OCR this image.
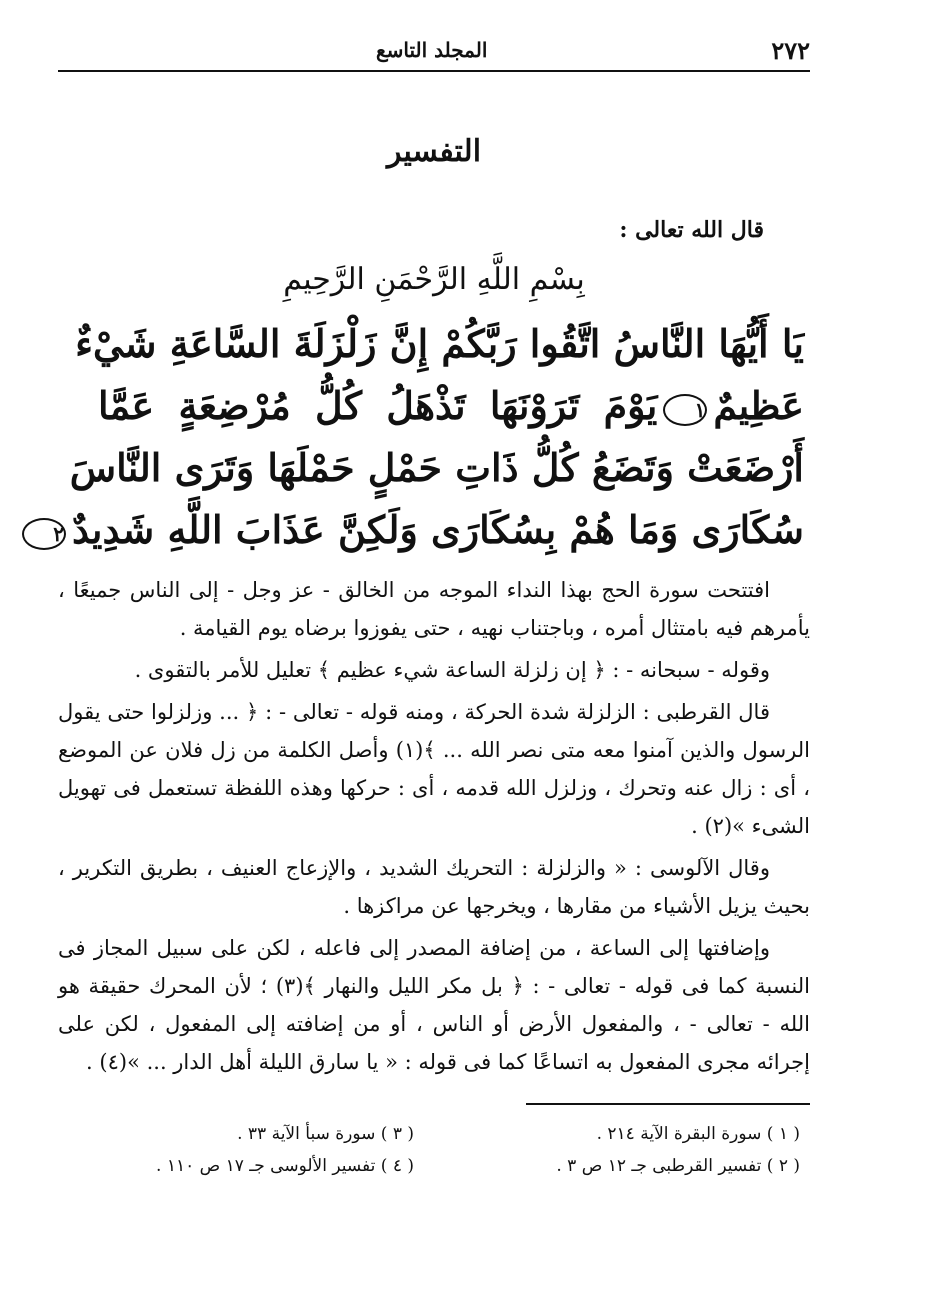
٢٧٢
المجلد التاسع
التفسير
قال الله تعالى :
بِسْمِ اللَّهِ الرَّحْمَنِ الرَّحِيمِ
يَا أَيُّهَا النَّاسُ اتَّقُوا رَبَّكُمْ إِنَّ زَلْزَلَةَ السَّاعَةِ شَيْءٌ
عَظِيمٌ١يَوْمَ تَرَوْنَهَا تَذْهَلُ كُلُّ مُرْضِعَةٍ عَمَّا
أَرْضَعَتْ وَتَضَعُ كُلُّ ذَاتِ حَمْلٍ حَمْلَهَا وَتَرَى النَّاسَ
سُكَارَى وَمَا هُمْ بِسُكَارَى وَلَكِنَّ عَذَابَ اللَّهِ شَدِيدٌ٢

افتتحت سورة الحج بهذا النداء الموجه من الخالق - عز وجل - إلى الناس جميعًا ، يأمرهم فيه بامتثال أمره ، وباجتناب نهيه ، حتى يفوزوا برضاه يوم القيامة .

وقوله - سبحانه - : ﴿ إن زلزلة الساعة شيء عظيم ﴾ تعليل للأمر بالتقوى .

قال القرطبى : الزلزلة شدة الحركة ، ومنه قوله - تعالى - : ﴿ ... وزلزلوا حتى يقول الرسول والذين آمنوا معه متى نصر الله ... ﴾(١) وأصل الكلمة من زل فلان عن الموضع ، أى : زال عنه وتحرك ، وزلزل الله قدمه ، أى : حركها وهذه اللفظة تستعمل فى تهويل الشىء »(٢) .

وقال الآلوسى : « والزلزلة : التحريك الشديد ، والإزعاج العنيف ، بطريق التكرير ، بحيث يزيل الأشياء من مقارها ، ويخرجها عن مراكزها .

وإضافتها إلى الساعة ، من إضافة المصدر إلى فاعله ، لكن على سبيل المجاز فى النسبة كما فى قوله - تعالى - : ﴿ بل مكر الليل والنهار ﴾(٣) ؛ لأن المحرك حقيقة هو الله - تعالى - ، والمفعول الأرض أو الناس ، أو من إضافته إلى المفعول ، لكن على إجرائه مجرى المفعول به اتساعًا كما فى قوله : « يا سارق الليلة أهل الدار ... »(٤) .

( ١ ) سورة البقرة الآية ٢١٤ .
( ٣ ) سورة سبأ الآية ٣٣ .
( ٢ ) تفسير القرطبى جـ ١٢ ص ٣ .
( ٤ ) تفسير الألوسى جـ ١٧ ص ١١٠ .
